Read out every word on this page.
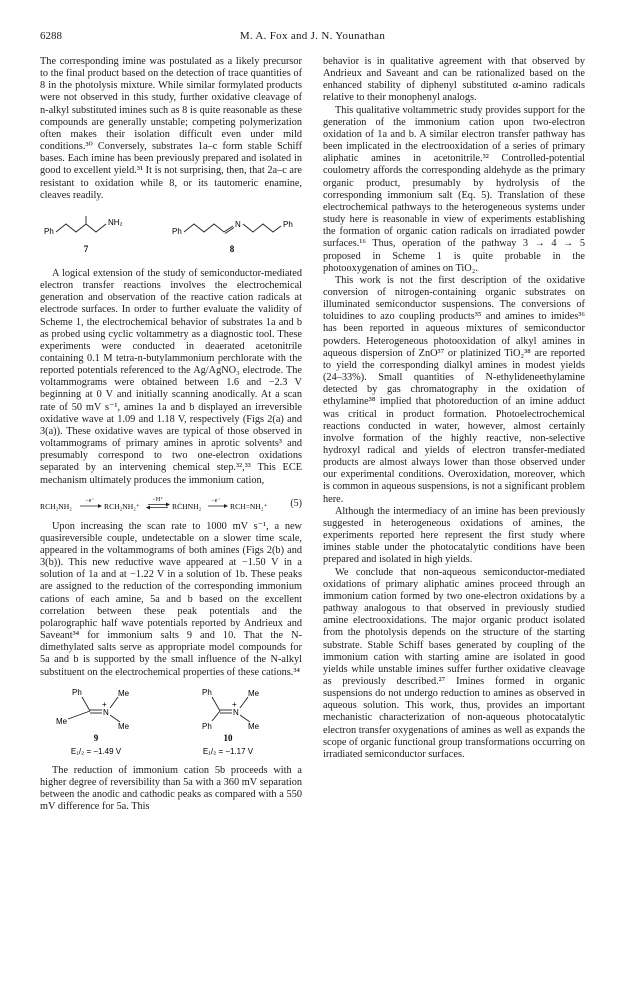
6288	M. A. Fox and J. N. Younathan

The corresponding imine was postulated as a likely precursor to the final product based on the detection of trace quantities of 8 in the photolysis mixture. While similar formylated products were not observed in this study, further oxidative cleavage of n-alkyl substituted imines such as 8 is quite reasonable as these compounds are generally unstable; competing polymerization often makes their isolation difficult even under mild conditions.³⁰ Conversely, substrates 1a–c form stable Schiff bases. Each imine has been previously prepared and isolated in good to excellent yield.³¹ It is not surprising, then, that 2a–c are resistant to oxidation while 8, or its tautomeric enamine, cleaves readily.

Ph
NH₂
7
Ph
N	Ph
8

A logical extension of the study of semiconductor-mediated electron transfer reactions involves the electrochemical generation and observation of the reactive cation radicals at electrode surfaces. In order to further evaluate the validity of Scheme 1, the electrochemical behavior of substrates 1a and b as probed using cyclic voltammetry as a diagnostic tool. These experiments were conducted in deaerated acetonitrile containing 0.1 M tetra-n-butylammonium perchlorate with the reported potentials referenced to the Ag/AgNO₃ electrode. The voltammograms were obtained between 1.6 and −2.3 V beginning at 0 V and initially scanning anodically. At a scan rate of 50 mV s⁻¹, amines 1a and b displayed an irreversible oxidative wave at 1.09 and 1.18 V, respectively (Figs 2(a) and 3(a)). These oxidative waves are typical of those observed in voltammograms of primary amines in aprotic solvents³ and presumably correspond to two one-electron oxidations separated by an intervening chemical step.³²,³³ This ECE mechanism ultimately produces the immonium cation,

RCH₂NH₂
−e⁻
RCH₂NH₂⁺
−H⁺
RĊHNH₂
−e⁻
RCH=NH₂⁺ (5)

Upon increasing the scan rate to 1000 mV s⁻¹, a new quasireversible couple, undetectable on a slower time scale, appeared in the voltammograms of both amines (Figs 2(b) and 3(b)). This new reductive wave appeared at −1.50 V in a solution of 1a and at −1.22 V in a solution of 1b. These peaks are assigned to the reduction of the corresponding immonium cations of each amine, 5a and b based on the excellent correlation between these peak potentials and the polarographic half wave potentials reported by Andrieux and Saveant³⁴ for immonium salts 9 and 10. That the N-dimethylated salts serve as appropriate model compounds for 5a and b is supported by the small influence of the N-alkyl substituent on the electrochemical properties of these cations.³⁴

Ph
Me
N
+
Me
Me
9
E₁/₂ = −1.49 V
Ph
Ph
N
+
Me
Me
10
E₁/₂ = −1.17 V

The reduction of immonium cation 5b proceeds with a higher degree of reversibility than 5a with a 360 mV separation between the anodic and cathodic peaks as compared with a 550 mV difference for 5a. This

behavior is in qualitative agreement with that observed by Andrieux and Saveant and can be rationalized based on the enhanced stability of diphenyl substituted α-amino radicals relative to their monophenyl analogs.

This qualitative voltammetric study provides support for the generation of the immonium cation upon two-electron oxidation of 1a and b. A similar electron transfer pathway has been implicated in the electrooxidation of a series of primary aliphatic amines in acetonitrile.³² Controlled-potential coulometry affords the corresponding aldehyde as the primary organic product, presumably by hydrolysis of the corresponding immonium salt (Eq. 5). Translation of these electrochemical pathways to the heterogeneous systems under study here is reasonable in view of experiments establishing the formation of organic cation radicals on irradiated powder surfaces.¹⁶ Thus, operation of the pathway 3 → 4 → 5 proposed in Scheme 1 is quite probable in the photooxygenation of amines on TiO₂.

This work is not the first description of the oxidative conversion of nitrogen-containing organic substrates on illuminated semiconductor suspensions. The conversions of toluidines to azo coupling products³⁵ and amines to imides³⁶ has been reported in aqueous mixtures of semiconductor powders. Heterogeneous photooxidation of alkyl amines in aqueous dispersion of ZnO³⁷ or platinized TiO₂³⁸ are reported to yield the corresponding dialkyl amines in modest yields (24–33%). Small quantities of N-ethylideneethylamine detected by gas chromatography in the oxidation of ethylamine³⁸ implied that photoreduction of an imine adduct was critical in product formation. Photoelectrochemical reactions conducted in water, however, almost certainly involve formation of the highly reactive, non-selective hydroxyl radical and yields of electron transfer-mediated products are almost always lower than those observed under our experimental conditions. Overoxidation, moreover, which is common in aqueous suspensions, is not a significant problem here.

Although the intermediacy of an imine has been previously suggested in heterogeneous oxidations of amines, the experiments reported here represent the first study where imines stable under the photocatalytic conditions have been prepared and isolated in high yields.

We conclude that non-aqueous semiconductor-mediated oxidations of primary aliphatic amines proceed through an immonium cation formed by two one-electron oxidations by a pathway analogous to that observed in previously studied amine electrooxidations. The major organic product isolated from the photolysis depends on the structure of the starting substrate. Stable Schiff bases generated by coupling of the immonium cation with starting amine are isolated in good yields while unstable imines suffer further oxidative cleavage as previously described.²⁷ Imines formed in organic suspensions do not undergo reduction to amines as observed in aqueous solution. This work, thus, provides an important mechanistic characterization of non-aqueous photocatalytic electron transfer oxygenations of amines as well as expands the scope of organic functional group transformations occurring on irradiated semiconductor surfaces.
